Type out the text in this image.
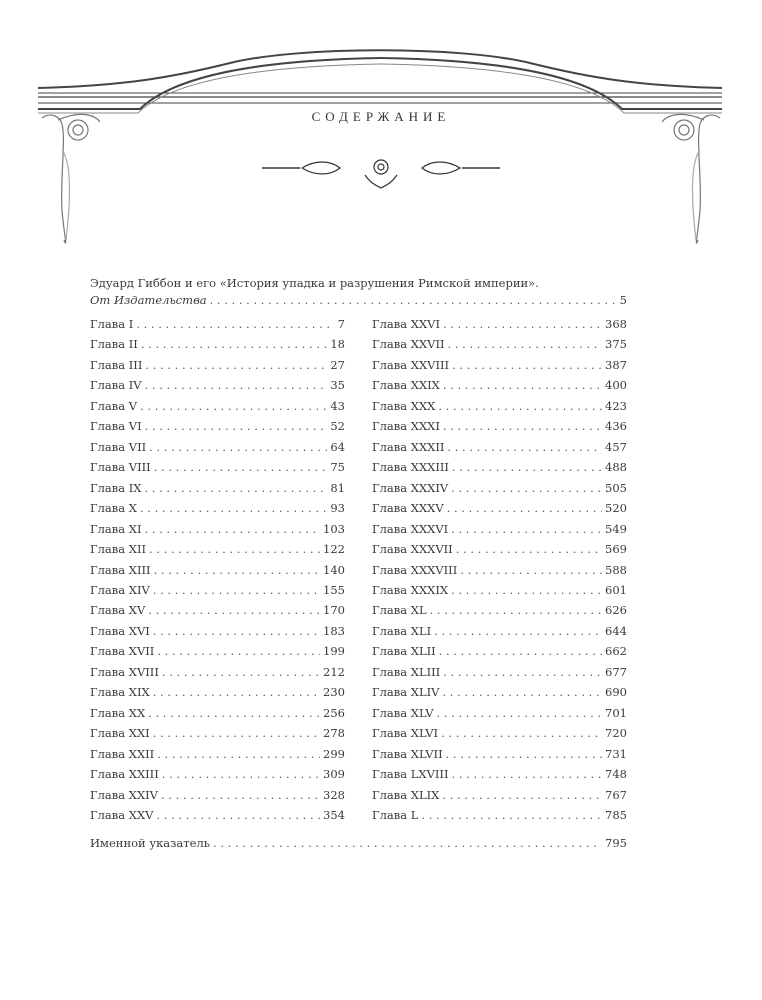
СОДЕРЖАНИЕ
Эдуард Гиббон и его «История упадка и разрушения Римской империи».
От Издательства . . .	5
Глава I . . .	7
Глава II . . .	18
Глава III . . .	27
Глава IV . . .	35
Глава V . . .	43
Глава VI . . .	52
Глава VII . . .	64
Глава VIII . . .	75
Глава IX . . .	81
Глава X . . .	93
Глава XI . . .	103
Глава XII . . .	122
Глава XIII . . .	140
Глава XIV . . .	155
Глава XV . . .	170
Глава XVI . . .	183
Глава XVII . . .	199
Глава XVIII . . .	212
Глава XIX . . .	230
Глава XX . . .	256
Глава XXI . . .	278
Глава XXII . . .	299
Глава XXIII . . .	309
Глава XXIV . . .	328
Глава XXV . . .	354
Глава XXVI . . .	368
Глава XXVII . . .	375
Глава XXVIII . . .	387
Глава XXIX . . .	400
Глава XXX . . .	423
Глава XXXI . . .	436
Глава XXXII . . .	457
Глава XXXIII . . .	488
Глава XXXIV . . .	505
Глава XXXV . . .	520
Глава XXXVI . . .	549
Глава XXXVII . . .	569
Глава XXXVIII . . .	588
Глава XXXIX . . .	601
Глава XL . . .	626
Глава XLI . . .	644
Глава XLII . . .	662
Глава XLIII . . .	677
Глава XLIV . . .	690
Глава XLV . . .	701
Глава XLVI . . .	720
Глава XLVII . . .	731
Глава LXVIII . . .	748
Глава XLIX . . .	767
Глава L . . .	785
Именной указатель . . .	795
